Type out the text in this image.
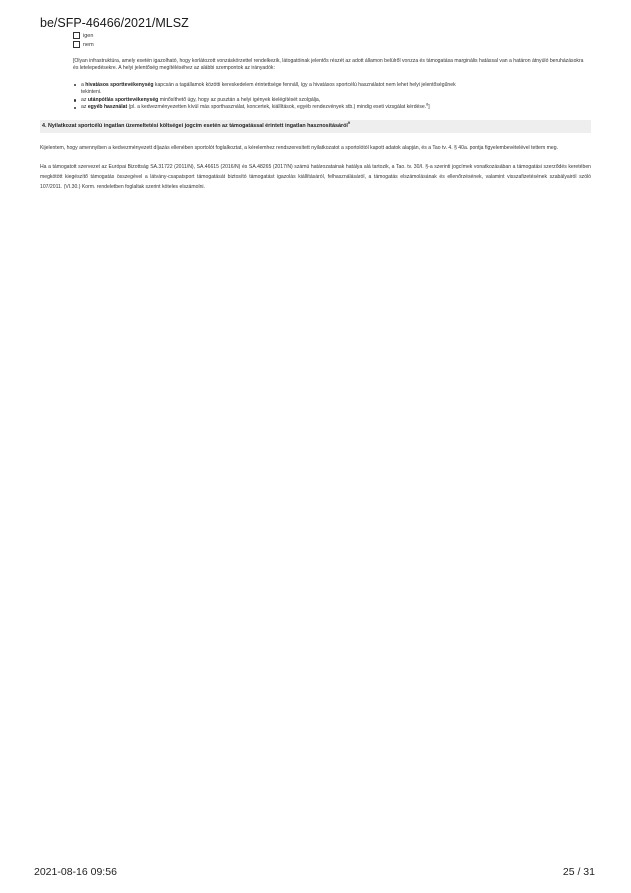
be/SFP-46466/2021/MLSZ
igen
nem

[Olyan infrastruktúra, amely esetén igazolható, hogy korlátozott vonzáskörzettel rendelkezik, látogatóinak jelentős részét az adott államon belülről vonzza és támogatása marginális hatással van a határon átnyúló beruházásokra és letelepedésekre. A helyi jelentőség megítéléséhez az alábbi szempontok az irányadók:

a hivatásos sporttevékenység kapcsán a tagállamok közötti kereskedelem érintettsége fennáll, így a hivatásos sportcélú használatot nem lehet helyi jelentőségűnek tekinteni.
az utánpótlás sporttevékenység minősíthető úgy, hogy az pusztán a helyi igények kielégítését szolgálja,
az egyéb használat (pl. a kedvezményezetten kívül más sporthasználat, koncertek, kiállítások, egyéb rendezvények stb.) mindig eseti vizsgálat kérdése.$^8$]
4. Nyilatkozat sportcélú ingatlan üzemeltetési költségei jogcím esetén az támogatással érintett ingatlan hasznosításáról$^9$

Kijelentem, hogy amennyiben a kedvezményezett díjazás ellenében sportolót foglalkoztat, a kérelemhez rendszeresített nyilatkozatot a sportolótól kapott adatok alapján, és a Tao tv. 4. § 40a. pontja figyelembevételével tettem meg.

Ha a támogatott szervezet az Európai Bizottság SA.31722 (2011/N), SA.46615 (2016/N) és SA.48265 (2017/N) számú határozatainak hatálya alá tartozik, a Tao. tv. 30/I. §-a szerinti jogcímek vonatkozásában a támogatási szerződés keretében megkötött kiegészítő támogatás összegével a látvány-csapatsport támogatását biztosító támogatást igazolás kiállításáról, felhasználásáról, a támogatás elszámolásának és ellenőrzésének, valamint visszafizetésének szabályairól szóló 107/2011. (VI.30.) Korm. rendeletben foglaltak szerint köteles elszámolni.

2021-08-16 09:56	25 / 31
